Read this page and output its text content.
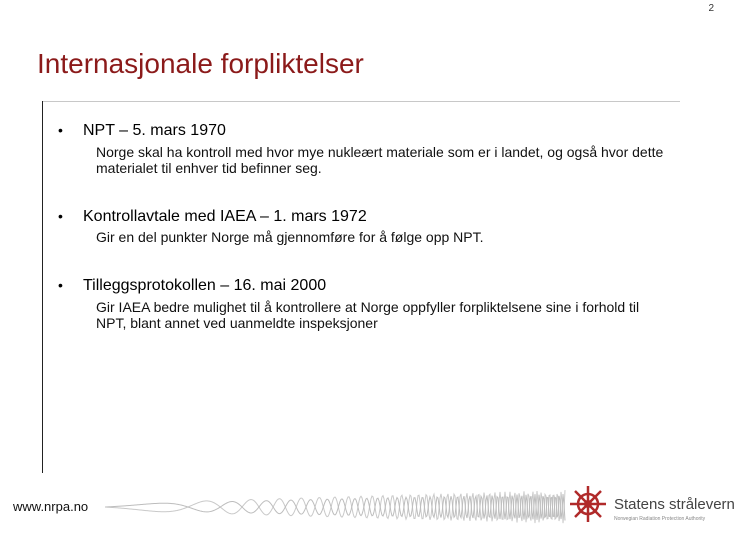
2
Internasjonale forpliktelser
•	NPT – 5. mars 1970
Norge skal ha kontroll med hvor mye nukleært materiale som er i landet, og også hvor dette materialet til enhver tid befinner seg.
•	Kontrollavtale med IAEA – 1. mars 1972
Gir en del punkter Norge må gjennomføre for å følge opp NPT.
•	Tilleggsprotokollen – 16. mai 2000
Gir IAEA bedre mulighet til å kontrollere at Norge oppfyller forpliktelsene sine i forhold til NPT, blant annet ved uanmeldte inspeksjoner
www.nrpa.no	Statens strålevern
Norwegian Radiation Protection Authority
